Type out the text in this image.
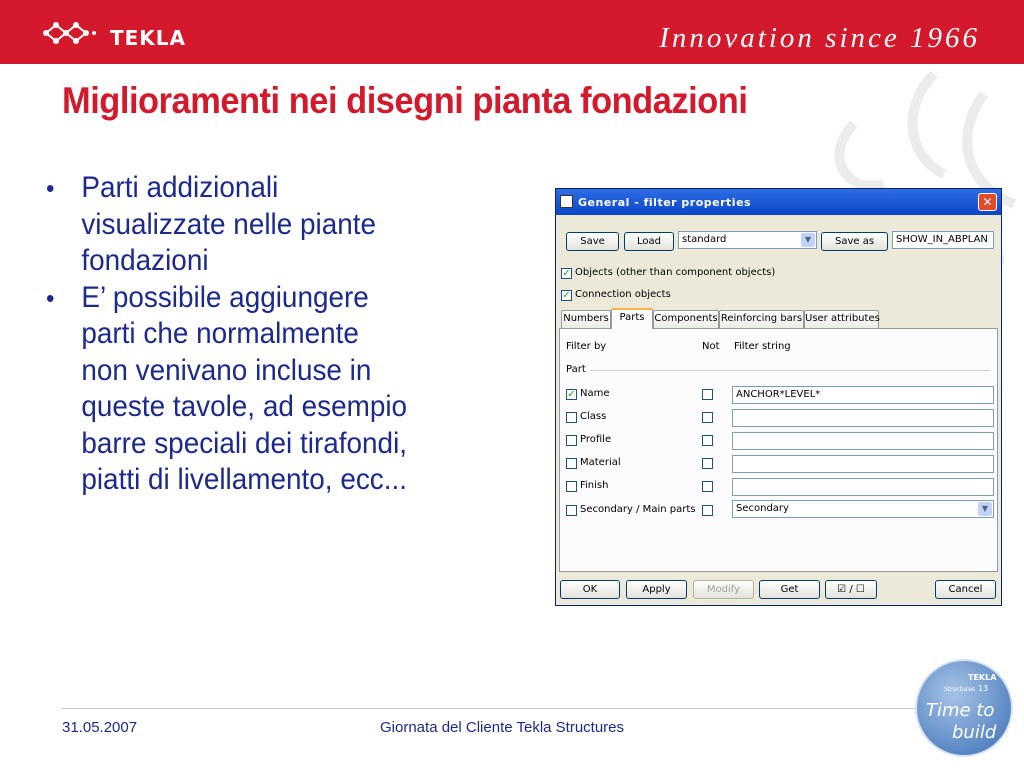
TEKLA	Innovation since 1966
Miglioramenti nei disegni pianta fondazioni
• Parti addizionali
visualizzate nelle piante
fondazioni
• E’ possibile aggiungere
parti che normalmente
non venivano incluse in
queste tavole, ad esempio
barre speciali dei tirafondi,
piatti di livellamento, ecc...
General - filter properties	✕
Save	Load	standard	▼	Save as	SHOW_IN_ABPLAN
✓ Objects (other than component objects)
✓ Connection objects
Numbers	Parts Components Reinforcing bars User attributes
Filter by	Not Filter string
Part
✓ Name	ANCHOR*LEVEL*
Class
Profile
Material
Finish
Secondary / Main parts	Secondary	▼
OK	Apply	Modify	Get	☑ / ☐	Cancel
31.05.2007	Giornata del Cliente Tekla Structures
TEKLA
Structures 13
Time to
build
